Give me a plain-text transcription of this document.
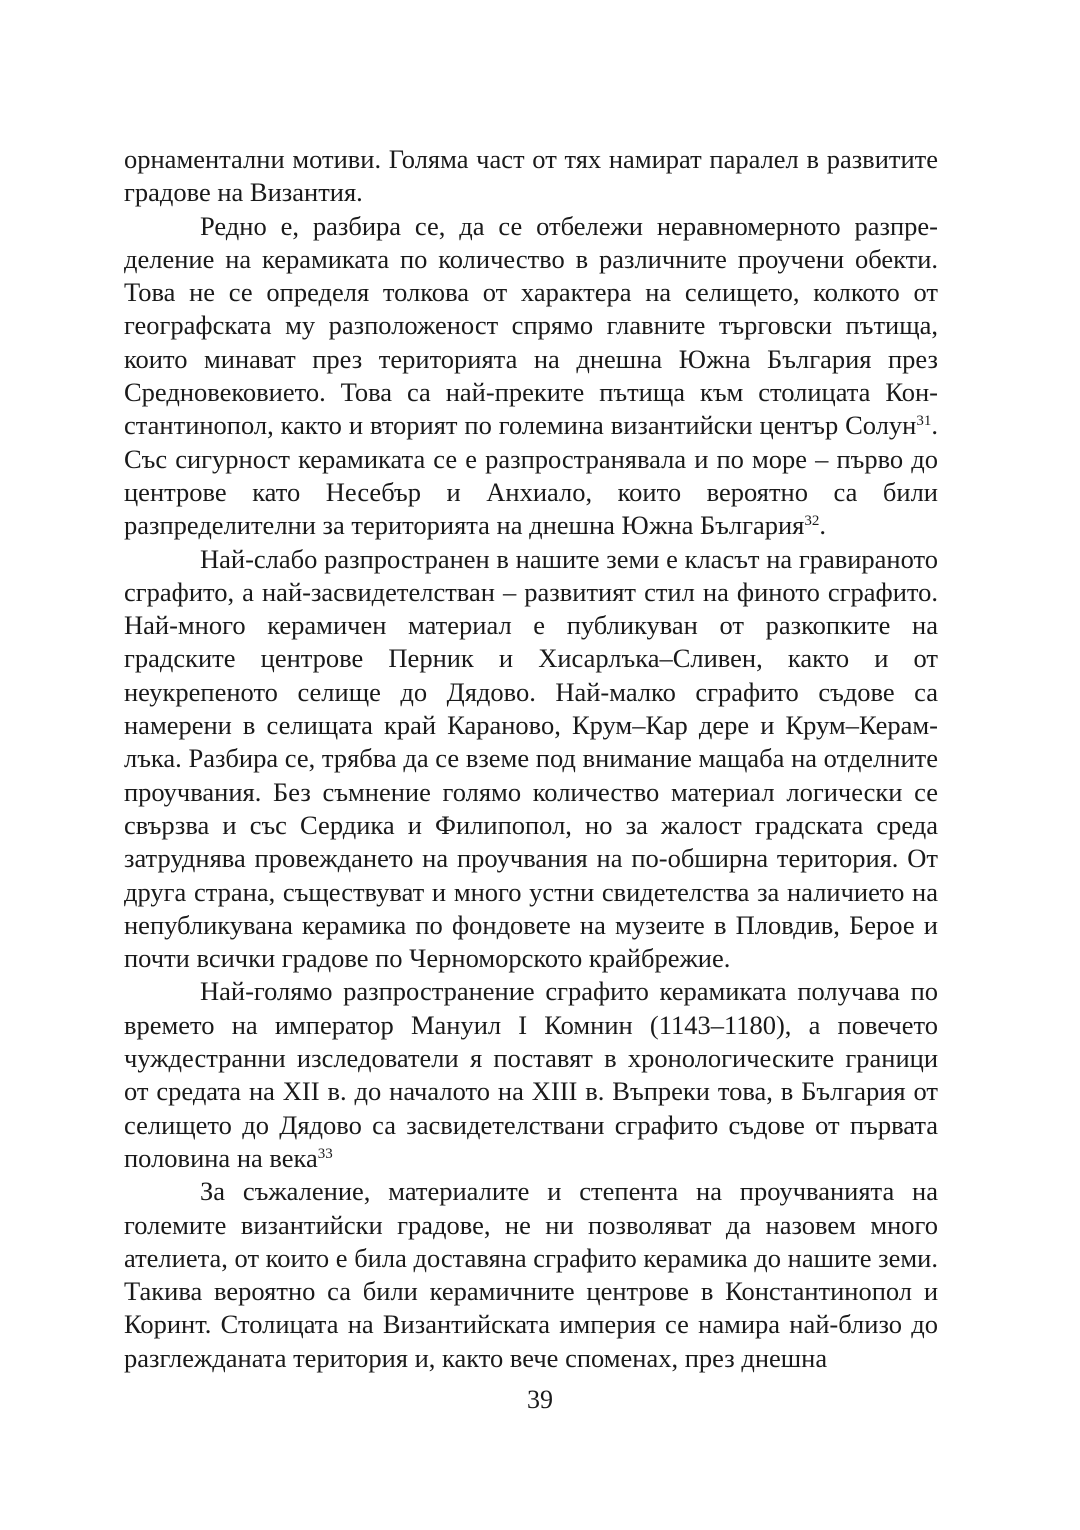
орнаментални мотиви. Голяма част от тях намират паралел в развитите градове на Византия.

Редно е, разбира се, да се отбележи неравномерното разпределение на керамиката по количество в различните проучени обекти. Това не се определя толкова от характера на селището, колкото от географската му разположеност спрямо главните търговски пътища, които минават през територията на днешна Южна България през Средновековието. Това са най-преките пътища към столицата Константинопол, както и вторият по големина византийски център Солун$^{31}$. Със сигурност керамиката се е разпространявала и по море – първо до центрове като Несебър и Анхиало, които вероятно са били разпределителни за територията на днешна Южна България$^{32}$.

Най-слабо разпространен в нашите земи е класът на гравираното сграфито, а най-засвидетелстван – развитият стил на финото сграфито. Най-много керамичен материал е публикуван от разкопките на градските центрове Перник и Хисарлъка–Сливен, както и от неукрепеното селище до Дядово. Най-малко сграфито съдове са намерени в селищата край Караново, Крум–Кар дере и Крум–Керамлъка. Разбира се, трябва да се вземе под внимание мащаба на отделните проучвания. Без съмнение голямо количество материал логически се свързва и със Сердика и Филипопол, но за жалост градската среда затруднява провеждането на проучвания на по-обширна територия. От друга страна, съществуват и много устни свидетелства за наличието на непубликувана керамика по фондовете на музеите в Пловдив, Берое и почти всички градове по Черноморското крайбрежие.

Най-голямо разпространение сграфито керамиката получава по времето на император Мануил I Комнин (1143–1180), а повечето чуждестранни изследователи я поставят в хронологическите граници от средата на XII в. до началото на XIII в. Въпреки това, в България от селището до Дядово са засвидетелствани сграфито съдове от първата половина на века$^{33}$

За съжаление, материалите и степента на проучванията на големите византийски градове, не ни позволяват да назовем много ателиета, от които е била доставяна сграфито керамика до нашите земи. Такива вероятно са били керамичните центрове в Константинопол и Коринт. Столицата на Византийската империя се намира най-близо до разглежданата територия и, както вече споменах, през днешна

39
